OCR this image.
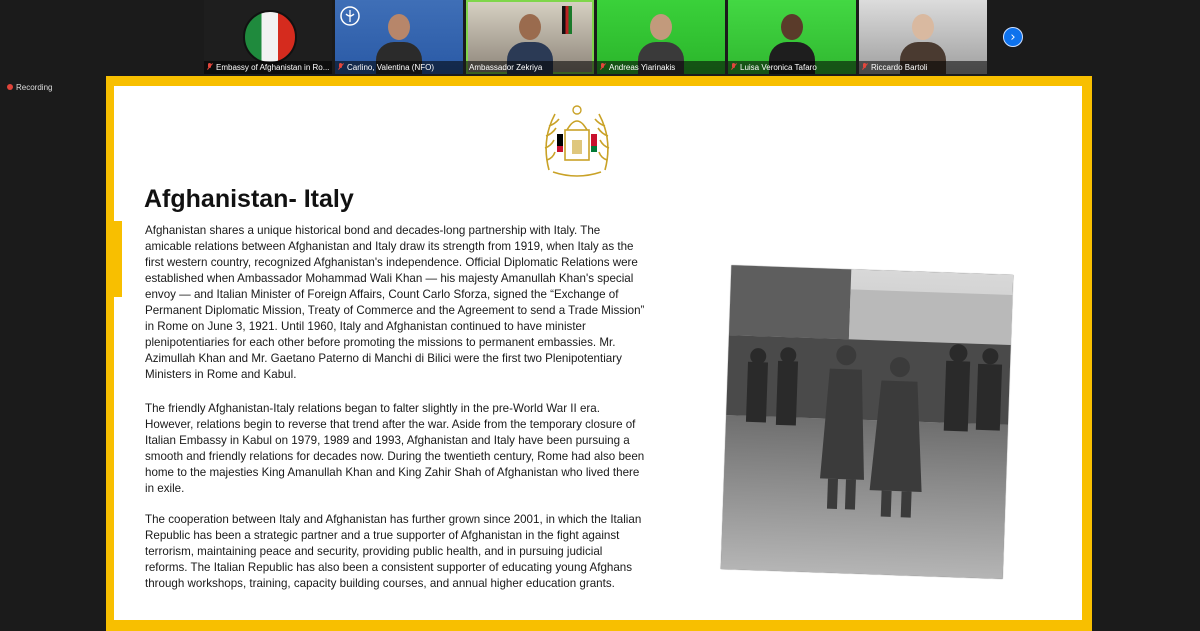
Embassy of Afghanistan in Ro...	Carlino, Valentina (NFO)	Ambassador Zekriya	Andreas Yiarinakis	Luisa Veronica Tafaro	Riccardo Bartoli
›
Recording
Afghanistan- Italy

Afghanistan shares a unique historical bond and decades-long partnership with Italy. The amicable relations between Afghanistan and Italy draw its strength from 1919, when Italy as the first western country, recognized Afghanistan's independence. Official Diplomatic Relations were established when Ambassador Mohammad Wali Khan — his majesty Amanullah Khan's special envoy — and Italian Minister of Foreign Affairs, Count Carlo Sforza, signed the “Exchange of Permanent Diplomatic Mission, Treaty of Commerce and the Agreement to send a Trade Mission” in Rome on June 3, 1921. Until 1960, Italy and Afghanistan continued to have minister plenipotentiaries for each other before promoting the missions to permanent embassies. Mr. Azimullah Khan and Mr. Gaetano Paterno di Manchi di Bilici were the first two Plenipotentiary Ministers in Rome and Kabul.

The friendly Afghanistan-Italy relations began to falter slightly in the pre-World War II era. However, relations begin to reverse that trend after the war. Aside from the temporary closure of Italian Embassy in Kabul on 1979, 1989 and 1993, Afghanistan and Italy have been pursuing a smooth and friendly relations for decades now. During the twentieth century, Rome had also been home to the majesties King Amanullah Khan and King Zahir Shah of Afghanistan who lived there in exile.

The cooperation between Italy and Afghanistan has further grown since 2001, in which the Italian Republic has been a strategic partner and a true supporter of Afghanistan in the fight against terrorism, maintaining peace and security, providing public health, and in pursuing judicial reforms. The Italian Republic has also been a consistent supporter of educating young Afghans through workshops, training, capacity building courses, and annual higher education grants.
